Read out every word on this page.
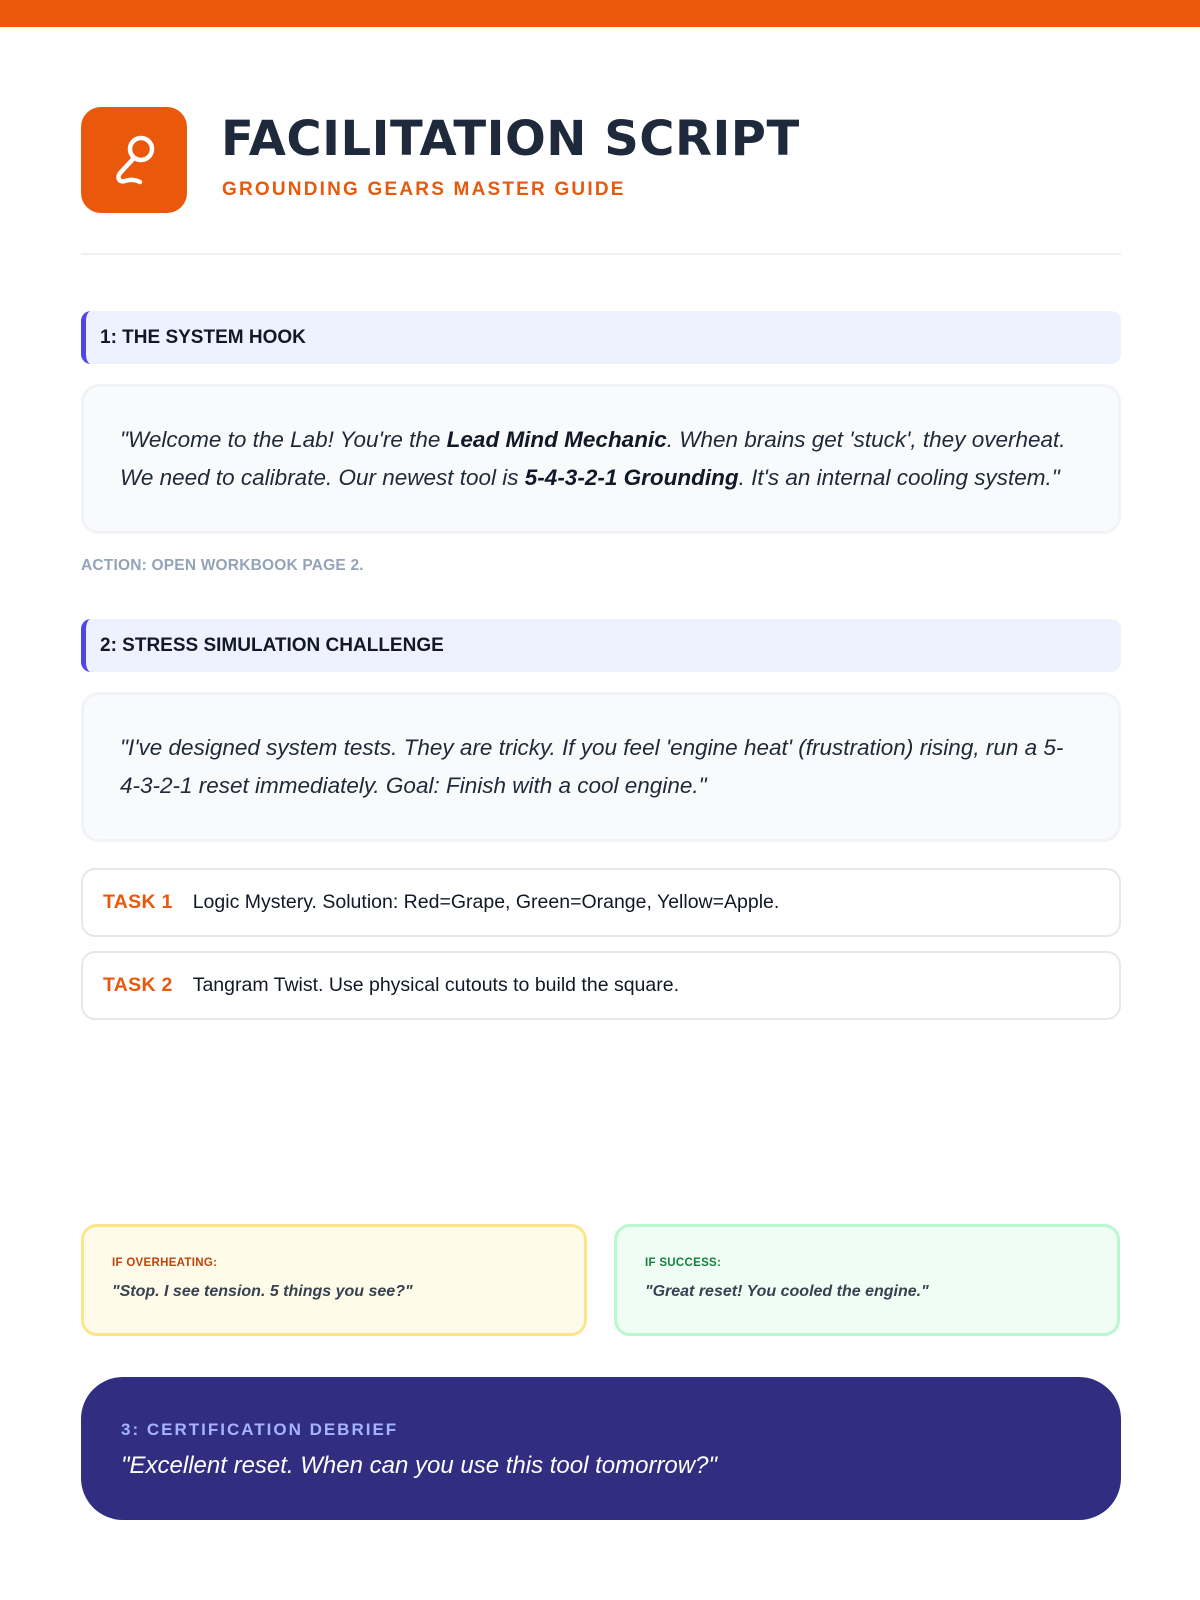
FACILITATION SCRIPT
GROUNDING GEARS MASTER GUIDE
1: THE SYSTEM HOOK
"Welcome to the Lab! You're the Lead Mind Mechanic. When brains get 'stuck', they overheat. We need to calibrate. Our newest tool is 5-4-3-2-1 Grounding. It's an internal cooling system."
ACTION: OPEN WORKBOOK PAGE 2.
2: STRESS SIMULATION CHALLENGE
"I've designed system tests. They are tricky. If you feel 'engine heat' (frustration) rising, run a 5-4-3-2-1 reset immediately. Goal: Finish with a cool engine."
TASK 1 Logic Mystery. Solution: Red=Grape, Green=Orange, Yellow=Apple.
TASK 2 Tangram Twist. Use physical cutouts to build the square.
IF OVERHEATING:
"Stop. I see tension. 5 things you see?"
IF SUCCESS:
"Great reset! You cooled the engine."
3: CERTIFICATION DEBRIEF
"Excellent reset. When can you use this tool tomorrow?"
